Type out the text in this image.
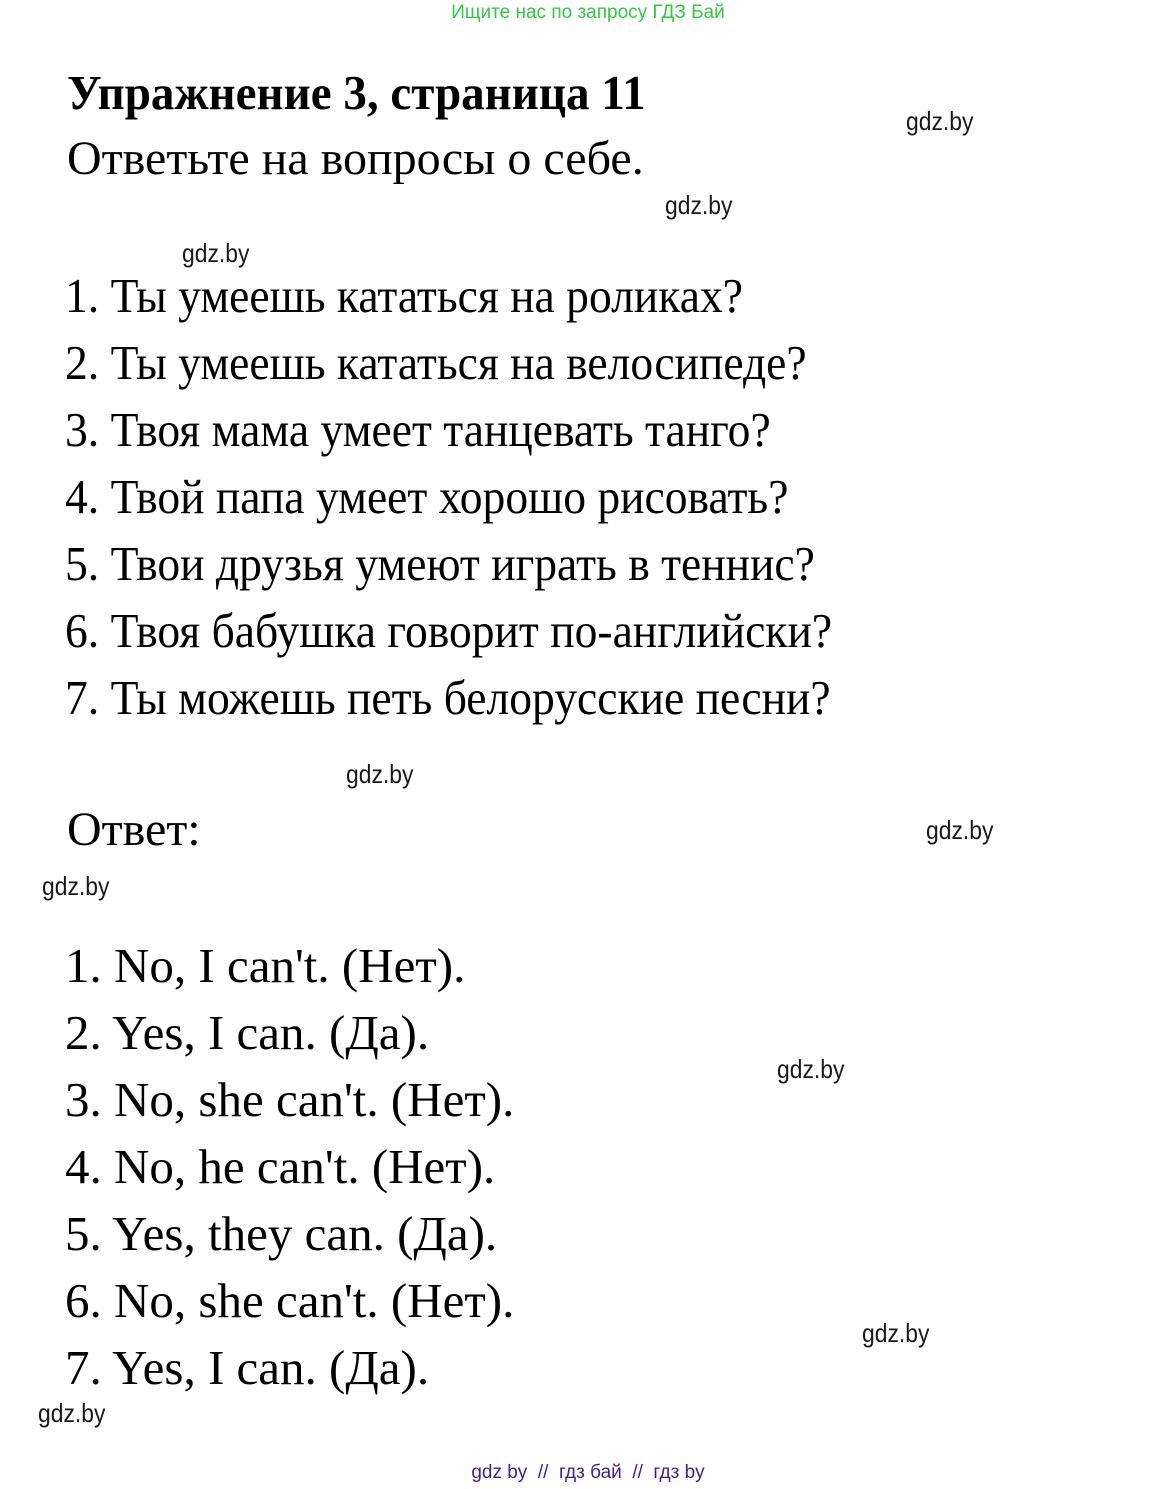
Ищите нас по запросу ГДЗ Бай
Упражнение 3, страница 11
Ответьте на вопросы о себе.
1. Ты умеешь кататься на роликах?
2. Ты умеешь кататься на велосипеде?
3. Твоя мама умеет танцевать танго?
4. Твой папа умеет хорошо рисовать?
5. Твои друзья умеют играть в теннис?
6. Твоя бабушка говорит по-английски?
7. Ты можешь петь белорусские песни?
Ответ:
1. No, I can't. (Нет).
2. Yes, I can. (Да).
3. No, she can't. (Нет).
4. No, he can't. (Нет).
5. Yes, they can. (Да).
6. No, she can't. (Нет).
7. Yes, I can. (Да).
gdz.by
gdz.by
gdz.by
gdz.by
gdz.by
gdz.by
gdz.by
gdz.by
gdz.by
gdz by  //  гдз бай  //  гдз by
